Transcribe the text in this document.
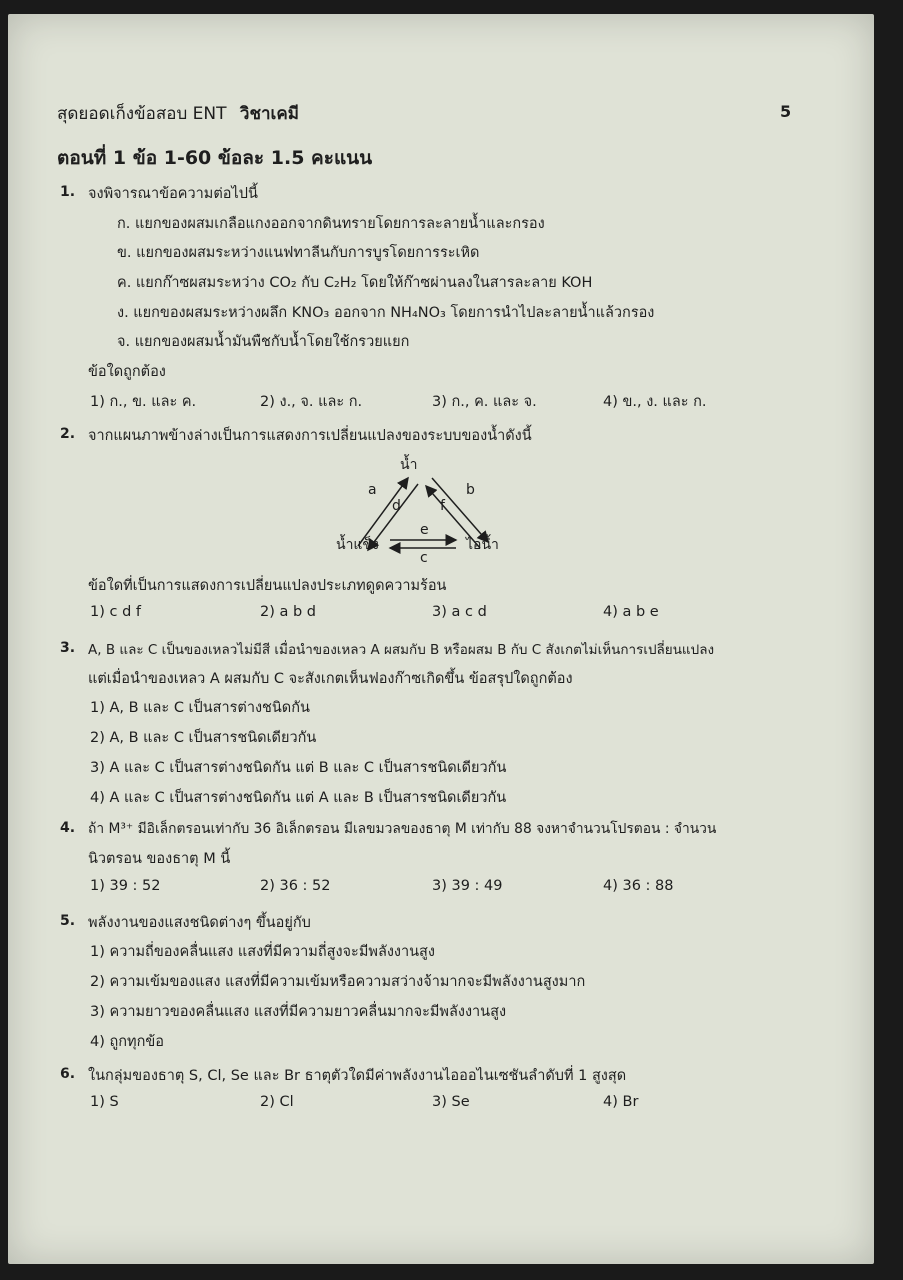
สุดยอดเก็งข้อสอบ ENT วิชาเคมี	5
ตอนที่ 1 ข้อ 1-60 ข้อละ 1.5 คะแนน
1. จงพิจารณาข้อความต่อไปนี้
ก. แยกของผสมเกลือแกงออกจากดินทรายโดยการละลายน้ำและกรอง
ข. แยกของผสมระหว่างแนฟทาลีนกับการบูรโดยการระเหิด
ค. แยกก๊าซผสมระหว่าง CO₂ กับ C₂H₂ โดยให้ก๊าซผ่านลงในสารละลาย KOH
ง. แยกของผสมระหว่างผลึก KNO₃ ออกจาก NH₄NO₃ โดยการนำไปละลายน้ำแล้วกรอง
จ. แยกของผสมน้ำมันพืชกับน้ำโดยใช้กรวยแยก
ข้อใดถูกต้อง
1) ก., ข. และ ค.	2) ง., จ. และ ก.	3) ก., ค. และ จ.	4) ข., ง. และ ก.
2. จากแผนภาพข้างล่างเป็นการแสดงการเปลี่ยนแปลงของระบบของน้ำดังนี้
น้ำ
น้ำแข็ง	ไอน้ำ
a
d
b
f
e
c
ข้อใดที่เป็นการแสดงการเปลี่ยนแปลงประเภทดูดความร้อน
1) c d f	2) a b d	3) a c d	4) a b e
3. A, B และ C เป็นของเหลวไม่มีสี เมื่อนำของเหลว A ผสมกับ B หรือผสม B กับ C สังเกตไม่เห็นการเปลี่ยนแปลง
แต่เมื่อนำของเหลว A ผสมกับ C จะสังเกตเห็นฟองก๊าซเกิดขึ้น ข้อสรุปใดถูกต้อง
1) A, B และ C เป็นสารต่างชนิดกัน
2) A, B และ C เป็นสารชนิดเดียวกัน
3) A และ C เป็นสารต่างชนิดกัน แต่ B และ C เป็นสารชนิดเดียวกัน
4) A และ C เป็นสารต่างชนิดกัน แต่ A และ B เป็นสารชนิดเดียวกัน
4. ถ้า M³⁺ มีอิเล็กตรอนเท่ากับ 36 อิเล็กตรอน มีเลขมวลของธาตุ M เท่ากับ 88 จงหาจำนวนโปรตอน : จำนวน
นิวตรอน ของธาตุ M นี้
1) 39 : 52	2) 36 : 52	3) 39 : 49	4) 36 : 88
5. พลังงานของแสงชนิดต่างๆ ขึ้นอยู่กับ
1) ความถี่ของคลื่นแสง แสงที่มีความถี่สูงจะมีพลังงานสูง
2) ความเข้มของแสง แสงที่มีความเข้มหรือความสว่างจ้ามากจะมีพลังงานสูงมาก
3) ความยาวของคลื่นแสง แสงที่มีความยาวคลื่นมากจะมีพลังงานสูง
4) ถูกทุกข้อ
6. ในกลุ่มของธาตุ S, Cl, Se และ Br ธาตุตัวใดมีค่าพลังงานไอออไนเซชันลำดับที่ 1 สูงสุด
1) S	2) Cl	3) Se	4) Br
